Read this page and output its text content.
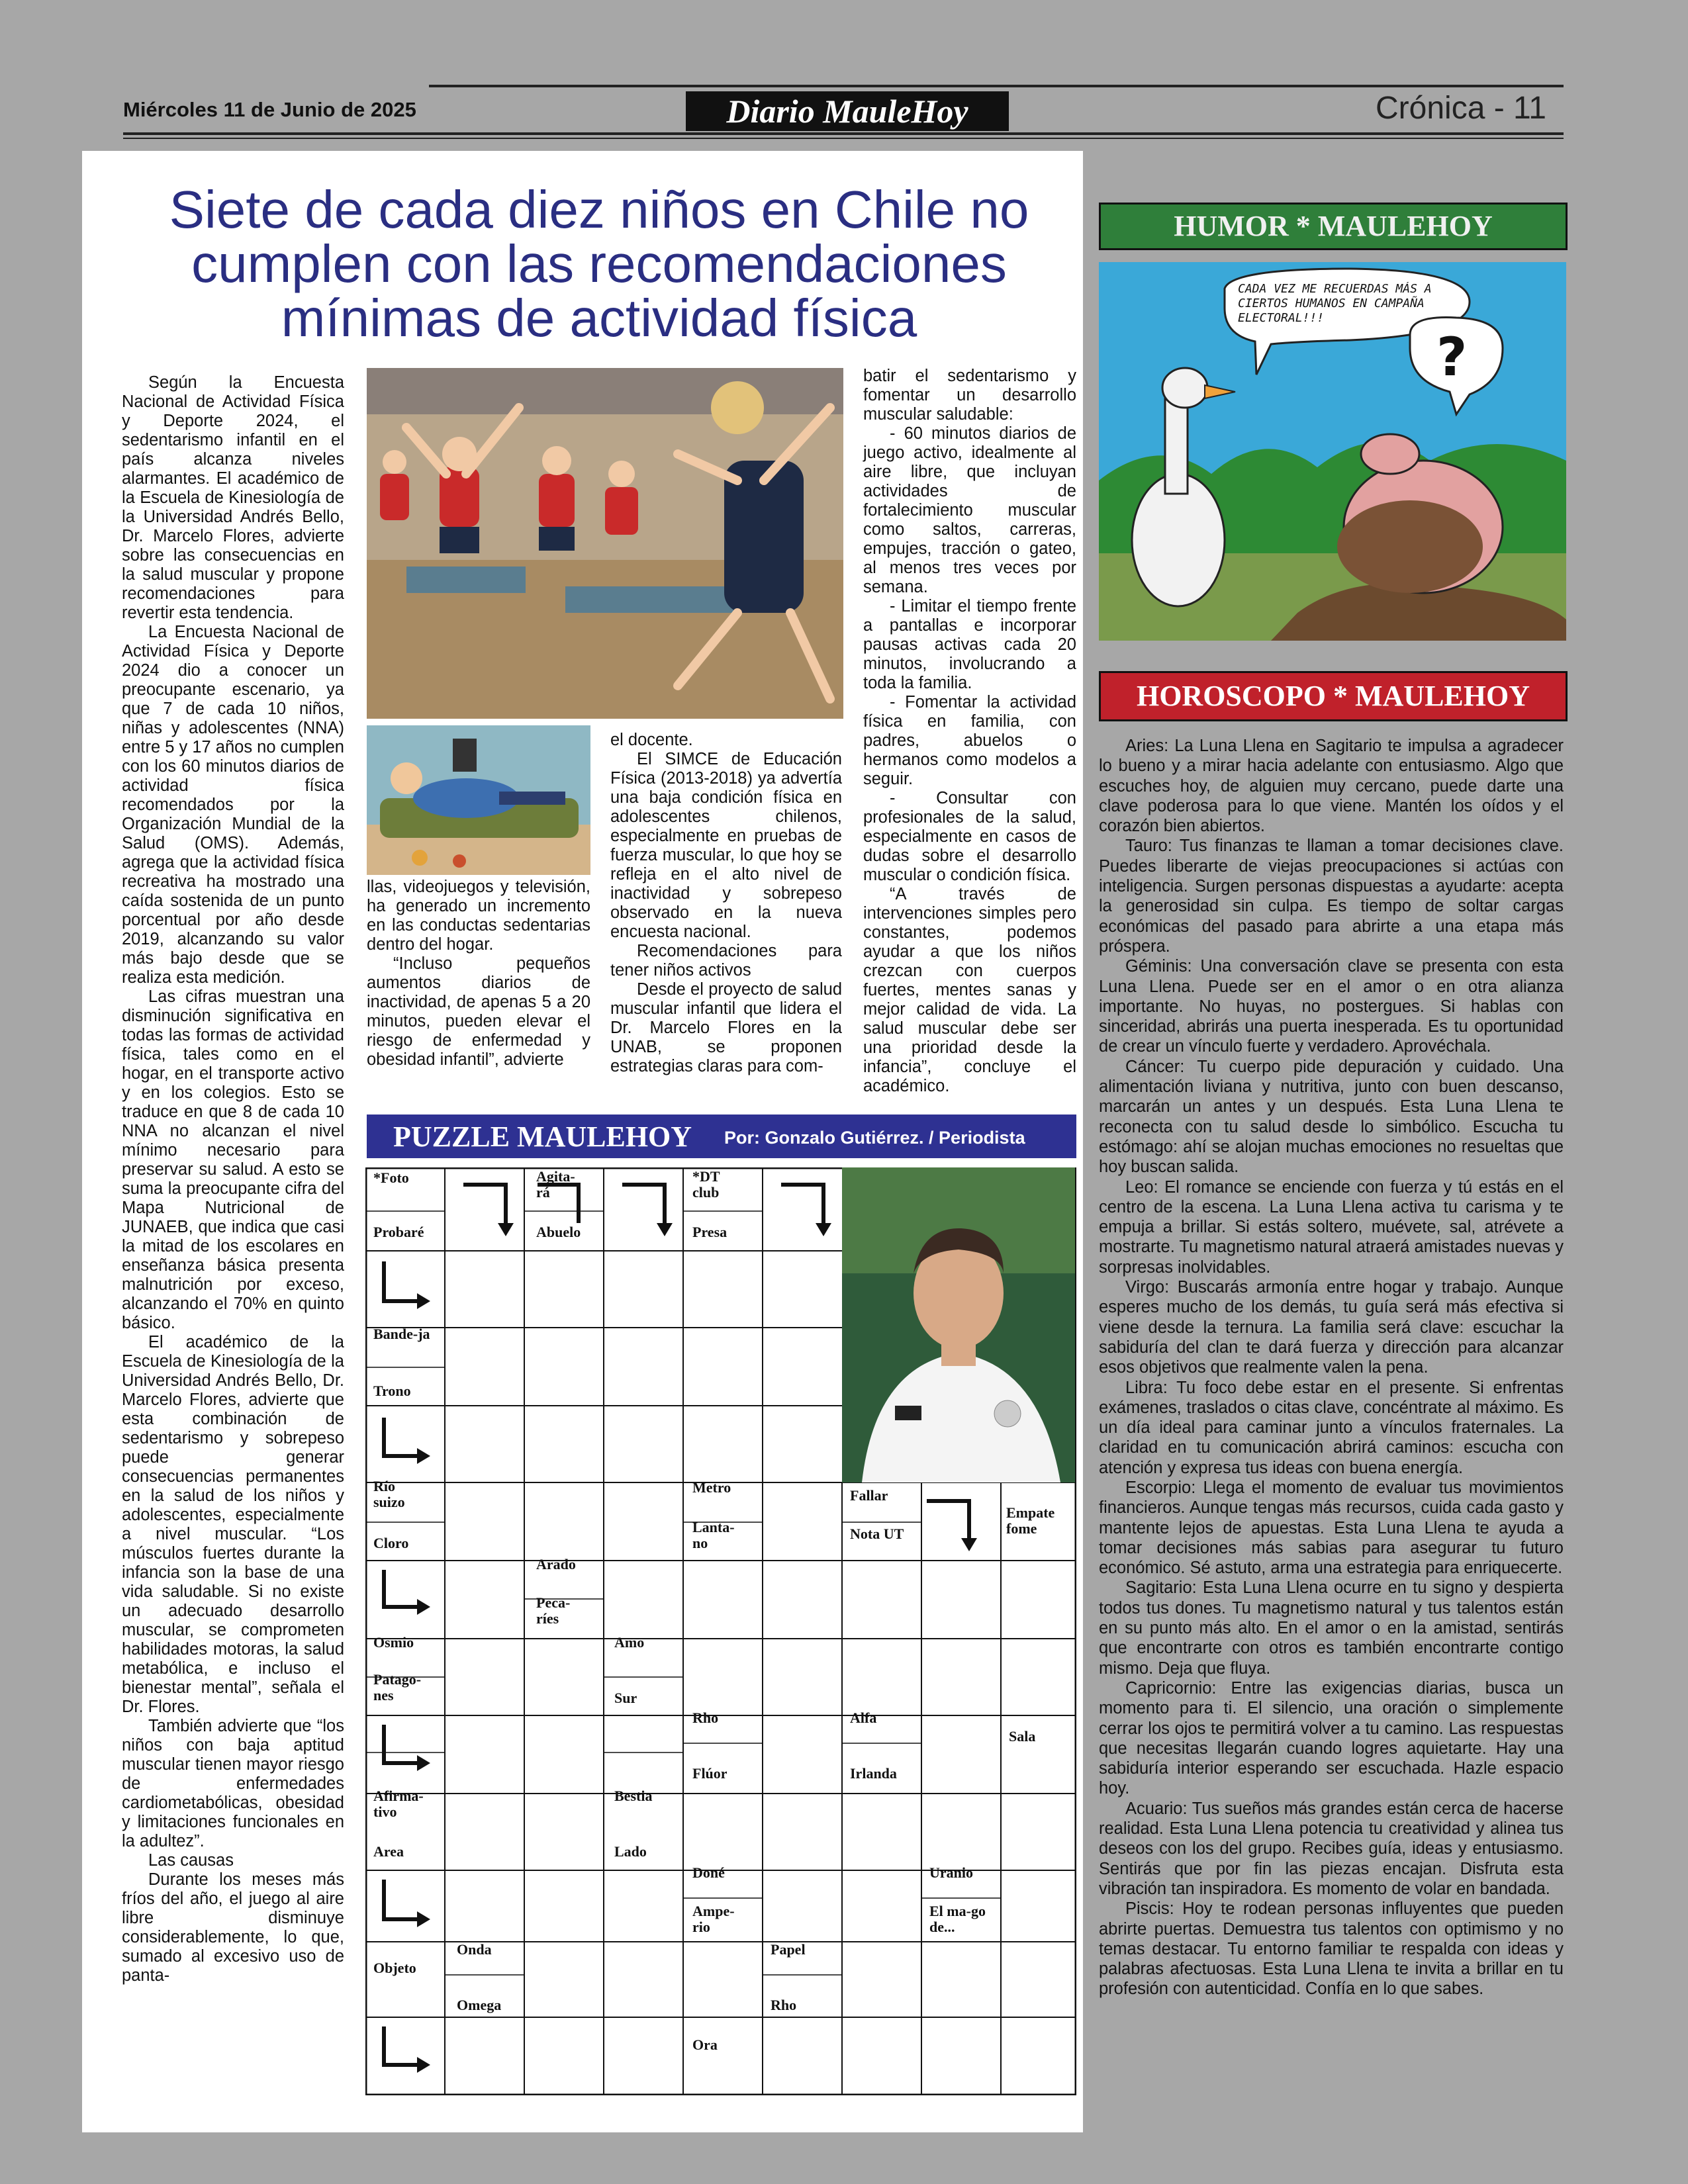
Miércoles 11 de Junio de 2025	Diario MauleHoy	Crónica - 11
Siete de cada diez niños en Chile no cumplen con las recomendaciones mínimas de actividad física

Según la Encuesta Nacional de Actividad Física y Deporte 2024, el sedentarismo infantil en el país alcanza niveles alarmantes. El académico de la Escuela de Kinesiología de la Universidad Andrés Bello, Dr. Marcelo Flores, advierte sobre las consecuencias en la salud muscular y propone recomendaciones para revertir esta tendencia.

La Encuesta Nacional de Actividad Física y Deporte 2024 dio a conocer un preocupante escenario, ya que 7 de cada 10 niños, niñas y adolescentes (NNA) entre 5 y 17 años no cumplen con los 60 minutos diarios de actividad física recomendados por la Organización Mundial de la Salud (OMS). Además, agrega que la actividad física recreativa ha mostrado una caída sostenida de un punto porcentual por año desde 2019, alcanzando su valor más bajo desde que se realiza esta medición.

Las cifras muestran una disminución significativa en todas las formas de actividad física, tales como en el hogar, en el transporte activo y en los colegios. Esto se traduce en que 8 de cada 10 NNA no alcanzan el nivel mínimo necesario para preservar su salud. A esto se suma la preocupante cifra del Mapa Nutricional de JUNAEB, que indica que casi la mitad de los escolares en enseñanza básica presenta malnutrición por exceso, alcanzando el 70% en quinto básico.

El académico de la Escuela de Kinesiología de la Universidad Andrés Bello, Dr. Marcelo Flores, advierte que esta combinación de sedentarismo y sobrepeso puede generar consecuencias permanentes en la salud de los niños y adolescentes, especialmente a nivel muscular. “Los músculos fuertes durante la infancia son la base de una vida saludable. Si no existe un adecuado desarrollo muscular, se comprometen habilidades motoras, la salud metabólica, e incluso el bienestar mental”, señala el Dr. Flores.

También advierte que “los niños con baja aptitud muscular tienen mayor riesgo de enfermedades cardiometabólicas, obesidad y limitaciones funcionales en la adultez”.

Las causas

Durante los meses más fríos del año, el juego al aire libre disminuye considerablemente, lo que, sumado al excesivo uso de panta-

llas, videojuegos y televisión, ha generado un incremento en las conductas sedentarias dentro del hogar.

“Incluso pequeños aumentos diarios de inactividad, de apenas 5 a 20 minutos, pueden elevar el riesgo de enfermedad y obesidad infantil”, advierte

el docente.

El SIMCE de Educación Física (2013-2018) ya advertía una baja condición física en adolescentes chilenos, especialmente en pruebas de fuerza muscular, lo que hoy se refleja en el alto nivel de inactividad y sobrepeso observado en la nueva encuesta nacional.

Recomendaciones para tener niños activos

Desde el proyecto de salud muscular infantil que lidera el Dr. Marcelo Flores en la UNAB, se proponen estrategias claras para com-

batir el sedentarismo y fomentar un desarrollo muscular saludable:

- 60 minutos diarios de juego activo, idealmente al aire libre, que incluyan actividades de fortalecimiento muscular como saltos, carreras, empujes, tracción o gateo, al menos tres veces por semana.

- Limitar el tiempo frente a pantallas e incorporar pausas activas cada 20 minutos, involucrando a toda la familia.

- Fomentar la actividad física en familia, con padres, abuelos o hermanos como modelos a seguir.

- Consultar con profesionales de la salud, especialmente en casos de dudas sobre el desarrollo muscular o condición física.

“A través de intervenciones simples pero constantes, podemos ayudar a que los niños crezcan con cuerpos fuertes, mentes sanas y mejor calidad de vida. La salud muscular debe ser una prioridad desde la infancia”, concluye el académico.

PUZZLE MAULEHOY Por: Gonzalo Gutiérrez. / Periodista
*Foto
Probaré
Agita-rá
Abuelo
*DT club
Presa
Bande-ja
Trono
Río suizo
Cloro
Metro
Lanta-no
Fallar
Nota UT
Empate fome
Arado
Peca-ríes
Osmio
Patago-nes
Amo
Sur
Rho
Flúor
Alfa
Irlanda
Sala
Afirma-tivo
Area
Bestia
Lado
Doné
Ampe-rio
Uranio
El ma-go de...
Onda
Objeto
Omega
Papel
Rho
Ora
HUMOR * MAULEHOY
CADA VEZ ME RECUERDAS MÁS A CIERTOS HUMANOS EN CAMPAÑA ELECTORAL!!!
?
HOROSCOPO * MAULEHOY

Aries: La Luna Llena en Sagitario te impulsa a agradecer lo bueno y a mirar hacia adelante con entusiasmo. Algo que escuches hoy, de alguien muy cercano, puede darte una clave poderosa para lo que viene. Mantén los oídos y el corazón bien abiertos.

Tauro: Tus finanzas te llaman a tomar decisiones clave. Puedes liberarte de viejas preocupaciones si actúas con inteligencia. Surgen personas dispuestas a ayudarte: acepta la generosidad sin culpa. Es tiempo de soltar cargas económicas del pasado para abrirte a una etapa más próspera.

Géminis: Una conversación clave se presenta con esta Luna Llena. Puede ser en el amor o en otra alianza importante. No huyas, no postergues. Si hablas con sinceridad, abrirás una puerta inesperada. Es tu oportunidad de crear un vínculo fuerte y verdadero. Aprovéchala.

Cáncer: Tu cuerpo pide depuración y cuidado. Una alimentación liviana y nutritiva, junto con buen descanso, marcarán un antes y un después. Esta Luna Llena te reconecta con tu salud desde lo simbólico. Escucha tu estómago: ahí se alojan muchas emociones no resueltas que hoy buscan salida.

Leo: El romance se enciende con fuerza y tú estás en el centro de la escena. La Luna Llena activa tu carisma y te empuja a brillar. Si estás soltero, muévete, sal, atrévete a mostrarte. Tu magnetismo natural atraerá amistades nuevas y sorpresas inolvidables.

Virgo: Buscarás armonía entre hogar y trabajo. Aunque esperes mucho de los demás, tu guía será más efectiva si viene desde la ternura. La familia será clave: escuchar la sabiduría del clan te dará fuerza y dirección para alcanzar esos objetivos que realmente valen la pena.

Libra: Tu foco debe estar en el presente. Si enfrentas exámenes, traslados o citas clave, concéntrate al máximo. Es un día ideal para caminar junto a vínculos fraternales. La claridad en tu comunicación abrirá caminos: escucha con atención y expresa tus ideas con buena energía.

Escorpio: Llega el momento de evaluar tus movimientos financieros. Aunque tengas más recursos, cuida cada gasto y mantente lejos de apuestas. Esta Luna Llena te ayuda a tomar decisiones más sabias para asegurar tu futuro económico. Sé astuto, arma una estrategia para enriquecerte.

Sagitario: Esta Luna Llena ocurre en tu signo y despierta todos tus dones. Tu magnetismo natural y tus talentos están en su punto más alto. En el amor o en la amistad, sentirás que encontrarte con otros es también encontrarte contigo mismo. Deja que fluya.

Capricornio: Entre las exigencias diarias, busca un momento para ti. El silencio, una oración o simplemente cerrar los ojos te permitirá volver a tu camino. Las respuestas que necesitas llegarán cuando logres aquietarte. Hay una sabiduría interior esperando ser escuchada. Hazle espacio hoy.

Acuario: Tus sueños más grandes están cerca de hacerse realidad. Esta Luna Llena potencia tu creatividad y alinea tus deseos con los del grupo. Recibes guía, ideas y entusiasmo. Sentirás que por fin las piezas encajan. Disfruta esta vibración tan inspiradora. Es momento de volar en bandada.

Piscis: Hoy te rodean personas influyentes que pueden abrirte puertas. Demuestra tus talentos con optimismo y no temas destacar. Tu entorno familiar te respalda con ideas y palabras afectuosas. Esta Luna Llena te invita a brillar en tu profesión con autenticidad. Confía en lo que sabes.
